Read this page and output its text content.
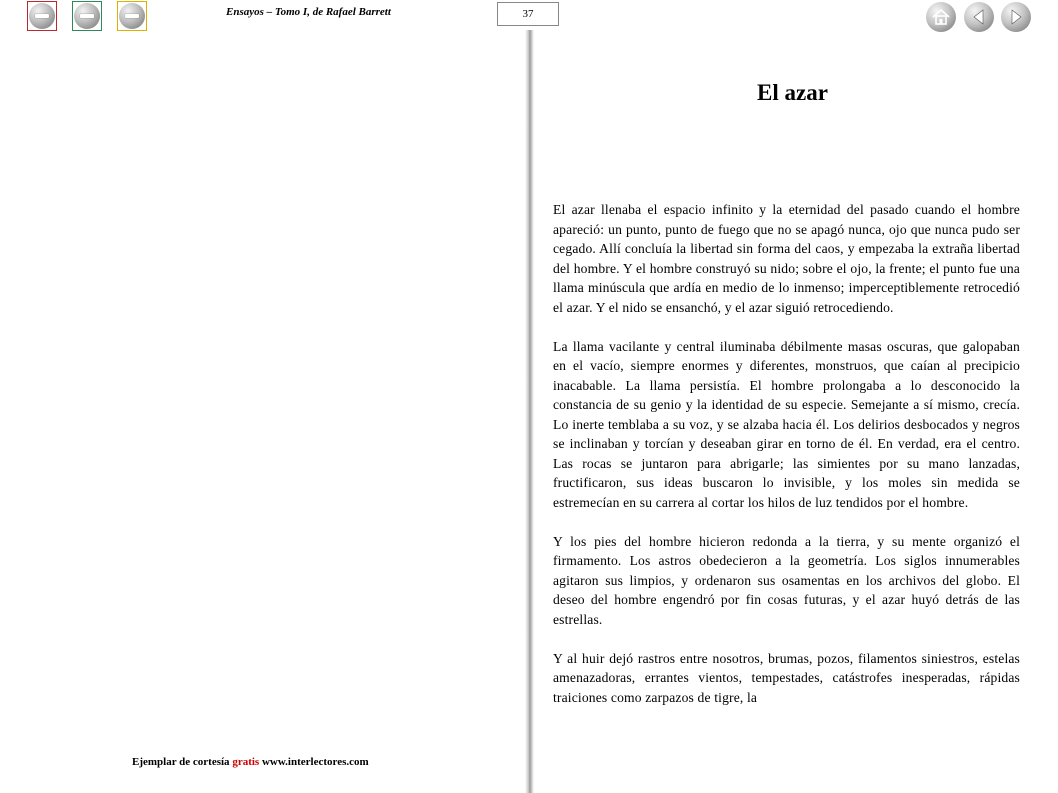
Ensayos – Tomo I, de Rafael Barrett	37
El azar

El azar llenaba el espacio infinito y la eternidad del pasado cuando el hombre apareció: un punto, punto de fuego que no se apagó nunca, ojo que nunca pudo ser cegado. Allí concluía la libertad sin forma del caos, y empezaba la extraña libertad del hombre. Y el hombre construyó su nido; sobre el ojo, la frente; el punto fue una llama minúscula que ardía en medio de lo inmenso; imperceptiblemente retrocedió el azar. Y el nido se ensanchó, y el azar siguió retrocediendo.

La llama vacilante y central iluminaba débilmente masas oscuras, que galopaban en el vacío, siempre enormes y diferentes, monstruos, que caían al precipicio inacabable. La llama persistía. El hombre prolongaba a lo desconocido la constancia de su genio y la identidad de su especie. Semejante a sí mismo, crecía. Lo inerte temblaba a su voz, y se alzaba hacia él. Los delirios desbocados y negros se inclinaban y torcían y deseaban girar en torno de él. En verdad, era el centro. Las rocas se juntaron para abrigarle; las simientes por su mano lanzadas, fructificaron, sus ideas buscaron lo invisible, y los moles sin medida se estremecían en su carrera al cortar los hilos de luz tendidos por el hombre.

Y los pies del hombre hicieron redonda a la tierra, y su mente organizó el firmamento. Los astros obedecieron a la geometría. Los siglos innumerables agitaron sus limpios, y ordenaron sus osamentas en los archivos del globo. El deseo del hombre engendró por fin cosas futuras, y el azar huyó detrás de las estrellas.

Y al huir dejó rastros entre nosotros, brumas, pozos, filamentos siniestros, estelas amenazadoras, errantes vientos, tempestades, catástrofes inesperadas, rápidas traiciones como zarpazos de tigre, la

Ejemplar de cortesía gratis www.interlectores.com
